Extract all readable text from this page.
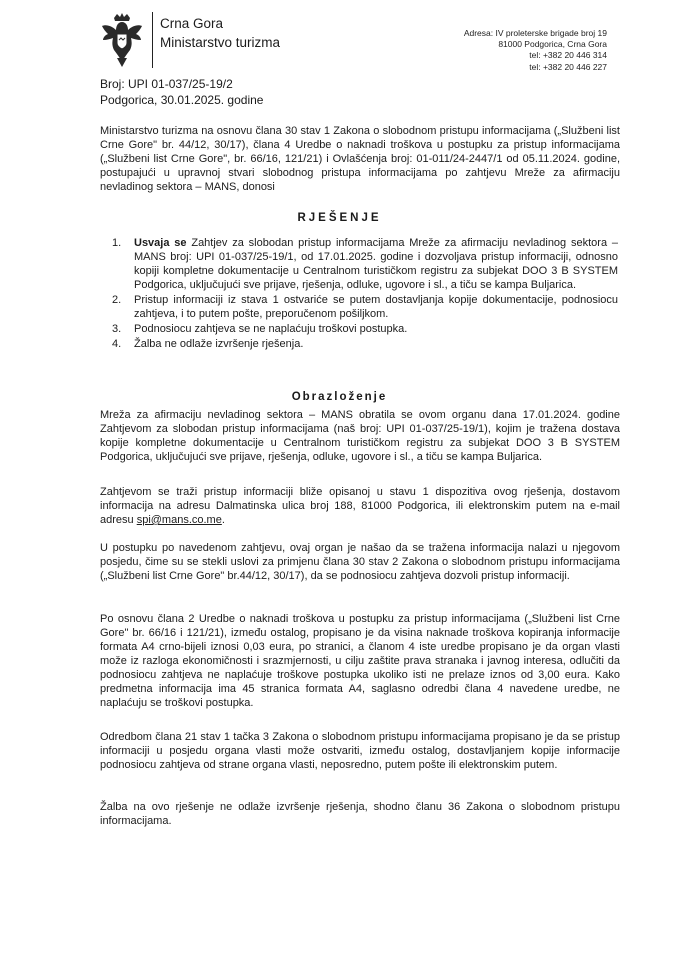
Crna Gora
Ministarstvo turizma
Adresa: IV proleterske brigade broj 19
81000 Podgorica, Crna Gora
tel: +382 20 446 314
tel: +382 20 446 227
Broj: UPI 01-037/25-19/2
Podgorica, 30.01.2025. godine
Ministarstvo turizma na osnovu člana 30 stav 1 Zakona o slobodnom pristupu informacijama („Službeni list Crne Gore" br. 44/12, 30/17), člana 4 Uredbe o naknadi troškova u postupku za pristup informacijama („Službeni list Crne Gore", br. 66/16, 121/21) i Ovlašćenja broj: 01-011/24-2447/1 od 05.11.2024. godine, postupajući u upravnoj stvari slobodnog pristupa informacijama po zahtjevu Mreže za afirmaciju nevladinog sektora – MANS, donosi
RJEŠENJE
1.	Usvaja se Zahtjev za slobodan pristup informacijama Mreže za afirmaciju nevladinog sektora – MANS broj: UPI 01-037/25-19/1, od 17.01.2025. godine i dozvoljava pristup informaciji, odnosno kopiji kompletne dokumentacije u Centralnom turističkom registru za subjekat DOO 3 B SYSTEM Podgorica, uključujući sve prijave, rješenja, odluke, ugovore i sl., a tiču se kampa Buljarica.
2.	Pristup informaciji iz stava 1 ostvariće se putem dostavljanja kopije dokumentacije, podnosiocu zahtjeva, i to putem pošte, preporučenom pošiljkom.
3.	Podnosiocu zahtjeva se ne naplaćuju troškovi postupka.
4.	Žalba ne odlaže izvršenje rješenja.
Obrazloženje
Mreža za afirmaciju nevladinog sektora – MANS obratila se ovom organu dana 17.01.2024. godine Zahtjevom za slobodan pristup informacijama (naš broj: UPI 01-037/25-19/1), kojim je tražena dostava kopije kompletne dokumentacije u Centralnom turističkom registru za subjekat DOO 3 B SYSTEM Podgorica, uključujući sve prijave, rješenja, odluke, ugovore i sl., a tiču se kampa Buljarica.
Zahtjevom se traži pristup informaciji bliže opisanoj u stavu 1 dispozitiva ovog rješenja, dostavom informacija na adresu Dalmatinska ulica broj 188, 81000 Podgorica, ili elektronskim putem na e-mail adresu spi@mans.co.me.
U postupku po navedenom zahtjevu, ovaj organ je našao da se tražena informacija nalazi u njegovom posjedu, čime su se stekli uslovi za primjenu člana 30 stav 2 Zakona o slobodnom pristupu informacijama („Službeni list Crne Gore" br.44/12, 30/17), da se podnosiocu zahtjeva dozvoli pristup informaciji.
Po osnovu člana 2 Uredbe o naknadi troškova u postupku za pristup informacijama („Službeni list Crne Gore" br. 66/16 i 121/21), između ostalog, propisano je da visina naknade troškova kopiranja informacije formata A4 crno-bijeli iznosi 0,03 eura, po stranici, a članom 4 iste uredbe propisano je da organ vlasti može iz razloga ekonomičnosti i srazmjernosti, u cilju zaštite prava stranaka i javnog interesa, odlučiti da podnosiocu zahtjeva ne naplaćuje troškove postupka ukoliko isti ne prelaze iznos od 3,00 eura. Kako predmetna informacija ima 45 stranica formata A4, saglasno odredbi člana 4 navedene uredbe, ne naplaćuju se troškovi postupka.
Odredbom člana 21 stav 1 tačka 3 Zakona o slobodnom pristupu informacijama propisano je da se pristup informaciji u posjedu organa vlasti može ostvariti, između ostalog, dostavljanjem kopije informacije podnosiocu zahtjeva od strane organa vlasti, neposredno, putem pošte ili elektronskim putem.
Žalba na ovo rješenje ne odlaže izvršenje rješenja, shodno članu 36 Zakona o slobodnom pristupu informacijama.
